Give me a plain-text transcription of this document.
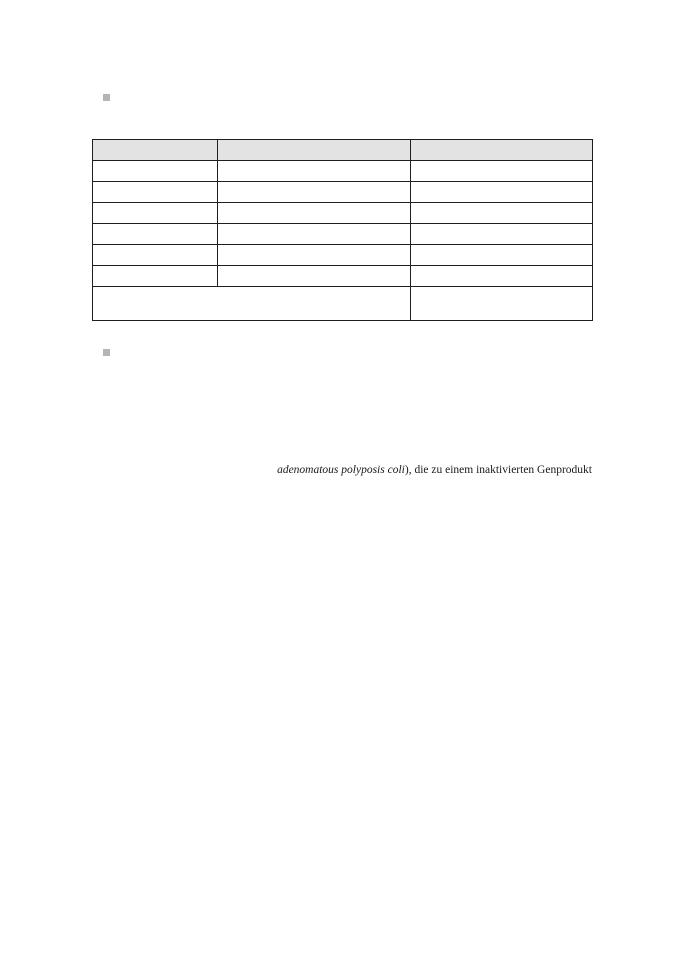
adenomatous polyposis coli), die zu einem inaktivierten Genprodukt
